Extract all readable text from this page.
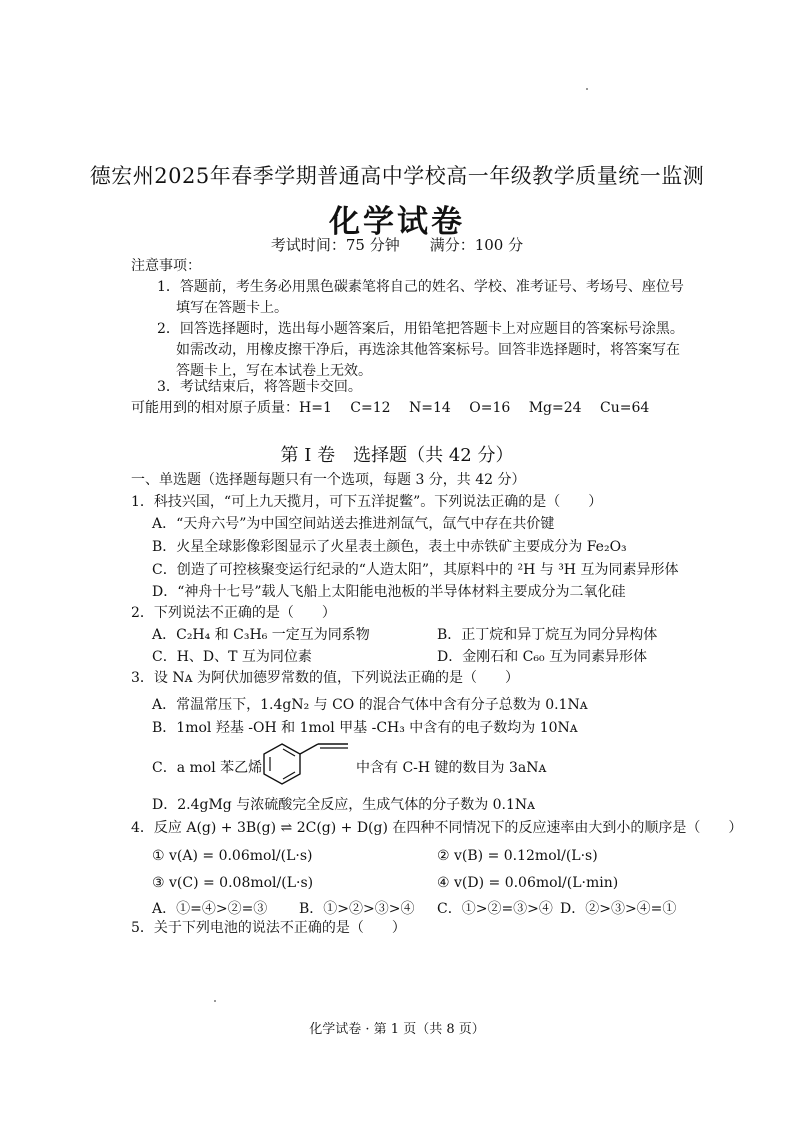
德宏州2025年春季学期普通高中学校高一年级教学质量统一监测
化学试卷
考试时间：75 分钟　　满分：100 分
注意事项：
1．答题前，考生务必用黑色碳素笔将自己的姓名、学校、准考证号、考场号、座位号
填写在答题卡上。
2．回答选择题时，选出每小题答案后，用铅笔把答题卡上对应题目的答案标号涂黑。
如需改动，用橡皮擦干净后，再选涂其他答案标号。回答非选择题时，将答案写在
答题卡上，写在本试卷上无效。
3．考试结束后，将答题卡交回。
可能用到的相对原子质量：H=1　 C=12　 N=14　 O=16　 Mg=24　 Cu=64
第 I 卷　选择题（共 42 分）
一、单选题（选择题每题只有一个选项，每题 3 分，共 42 分）
1．科技兴国，“可上九天揽月，可下五洋捉鳖”。下列说法正确的是（　　）
A．“天舟六号”为中国空间站送去推进剂氙气，氙气中存在共价键
B．火星全球影像彩图显示了火星表土颜色，表土中赤铁矿主要成分为 Fe₂O₃
C．创造了可控核聚变运行纪录的“人造太阳”，其原料中的 ²H 与 ³H 互为同素异形体
D．“神舟十七号”载人飞船上太阳能电池板的半导体材料主要成分为二氧化硅
2．下列说法不正确的是（　　）
A．C₂H₄ 和 C₃H₆ 一定互为同系物	B．正丁烷和异丁烷互为同分异构体
C．H、D、T 互为同位素	D．金刚石和 C₆₀ 互为同素异形体
3．设 Nᴀ 为阿伏加德罗常数的值，下列说法正确的是（　　）
A．常温常压下，1.4gN₂ 与 CO 的混合气体中含有分子总数为 0.1Nᴀ
B．1mol 羟基 -OH 和 1mol 甲基 -CH₃ 中含有的电子数均为 10Nᴀ
C．a mol 苯乙烯	中含有 C-H 键的数目为 3aNᴀ
D．2.4gMg 与浓硫酸完全反应，生成气体的分子数为 0.1Nᴀ
4．反应 A(g) + 3B(g) ⇌ 2C(g) + D(g) 在四种不同情况下的反应速率由大到小的顺序是（　　）
① v(A) = 0.06mol/(L·s)	② v(B) = 0.12mol/(L·s)
③ v(C) = 0.08mol/(L·s)	④ v(D) = 0.06mol/(L·min)
A．①=④>②=③ B．①>②>③>④ C．①>②=③>④ D．②>③>④=①
5．关于下列电池的说法不正确的是（　　）
化学试卷 · 第 1 页（共 8 页）
